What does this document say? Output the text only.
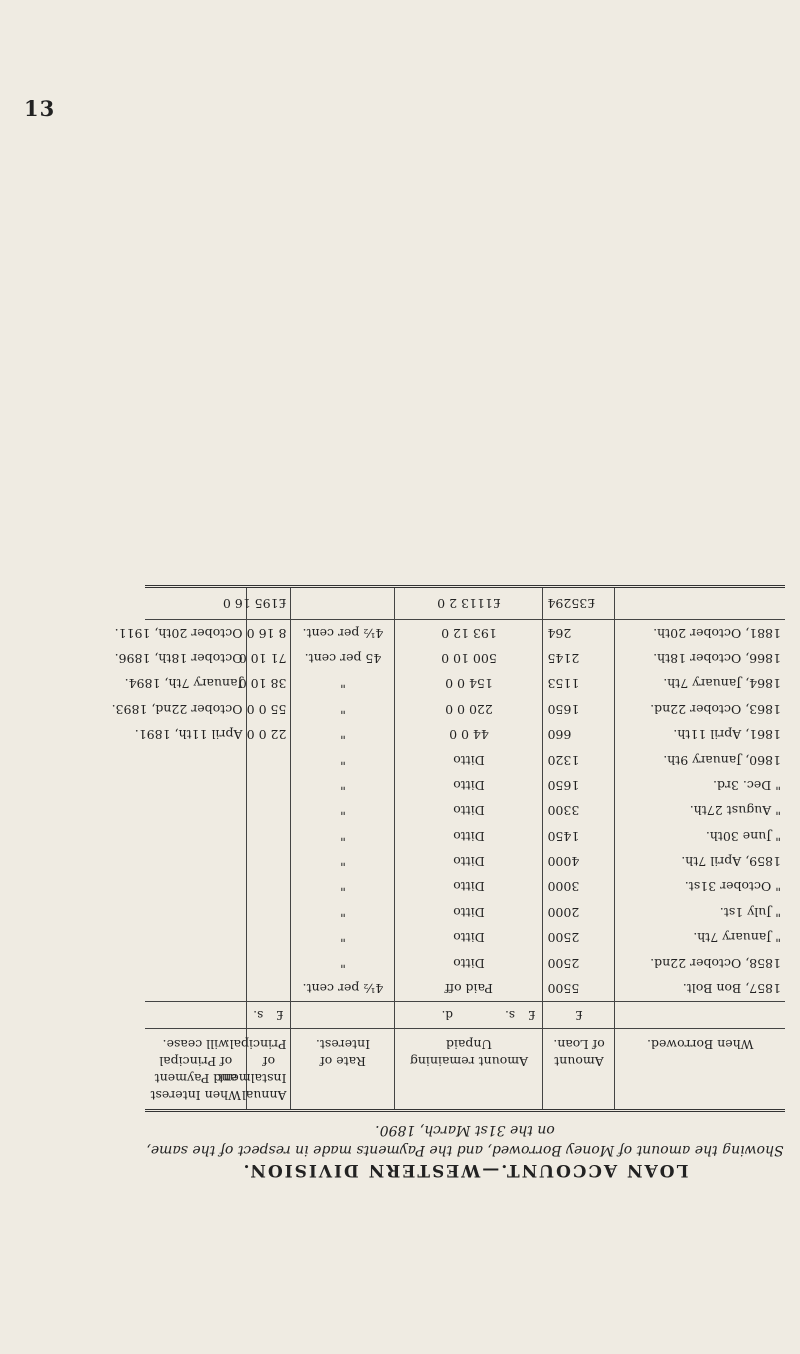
13
LOAN ACCOUNT.—WESTERN DIVISION.
Showing the amount of Money Borrowed, and the Payments made in respect of the same,
on the 31st March, 1890.
When Borrowed.	Amount of Loan.	Amount remaining Unpaid			Rate of Interest.	Annual Instalment of Principal.		When Interest and Payment of Principal will cease.
	£	£	s.	d.		£	s.	
1857, Bon Bolt.	5500	Paid off			4½ per cent.			
1858, October 22nd.	2500	Ditto			"			
" January 7th.	2500	Ditto			"			
" July 1st.	2000	Ditto			"			
" October 31st.	3000	Ditto			"			
1859, April 7th.	4000	Ditto			"			
" June 30th.	1450	Ditto			"			
" August 27th.	3300	Ditto			"			
" Dec. 3rd.	1650	Ditto			"			
1860, January 9th.	1320	Ditto			"			
1861, April 11th.	660	44 0 0			"	22 0 0		April 11th, 1891.
1863, October 22nd.	1650	220 0 0			"	55 0 0		October 22nd, 1893.
1864, January 7th.	1153	154 0 0			"	38 10 0		January 7th, 1894.
1866, October 18th.	2145	500 10 0			45 per cent.	71 10 0		October 18th, 1896.
1881, October 20th.	264	193 12 0			4½ per cent.	8 16 0		October 20th, 1911.
	£35294	£1113 2 0				£195 16 0		
